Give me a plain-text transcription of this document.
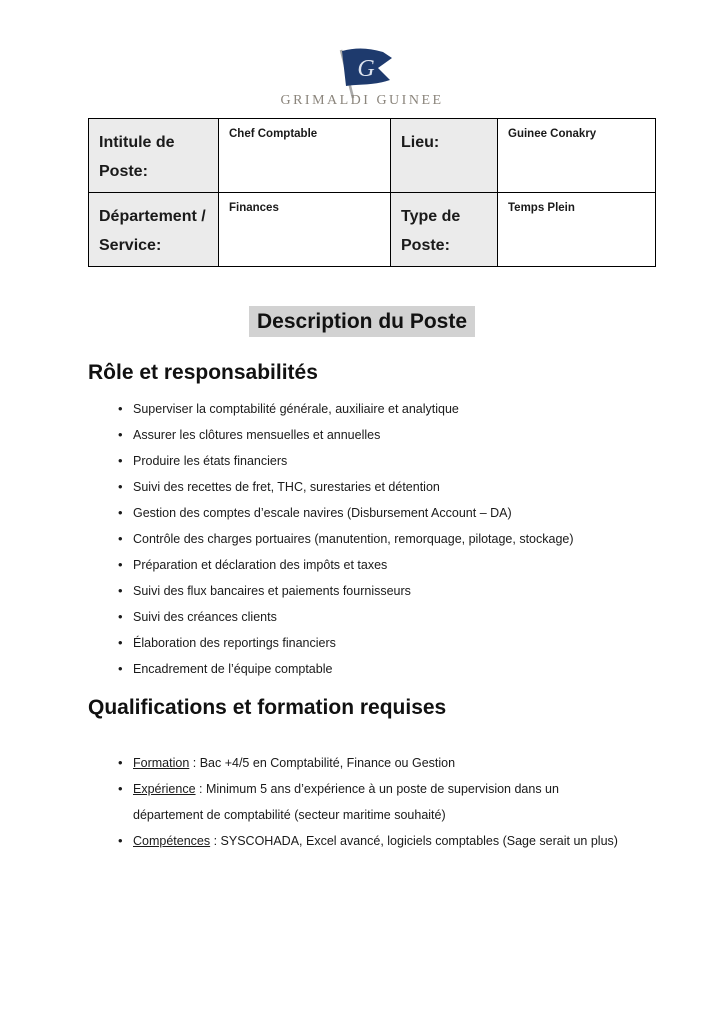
G
GRIMALDI GUINEE
Intitule de Poste:	Chef Comptable	Lieu:	Guinee Conakry
Département / Service:	Finances	Type de Poste:	Temps Plein
Description du Poste
Rôle et responsabilités
• Superviser la comptabilité générale, auxiliaire et analytique
• Assurer les clôtures mensuelles et annuelles
• Produire les états financiers
• Suivi des recettes de fret, THC, surestaries et détention
• Gestion des comptes d’escale navires (Disbursement Account – DA)
• Contrôle des charges portuaires (manutention, remorquage, pilotage, stockage)
• Préparation et déclaration des impôts et taxes
• Suivi des flux bancaires et paiements fournisseurs
• Suivi des créances clients
• Élaboration des reportings financiers
• Encadrement de l’équipe comptable
Qualifications et formation requises
• Formation : Bac +4/5 en Comptabilité, Finance ou Gestion
• Expérience : Minimum 5 ans d’expérience à un poste de supervision dans un
département de comptabilité (secteur maritime souhaité)
• Compétences : SYSCOHADA, Excel avancé, logiciels comptables (Sage serait un plus)
